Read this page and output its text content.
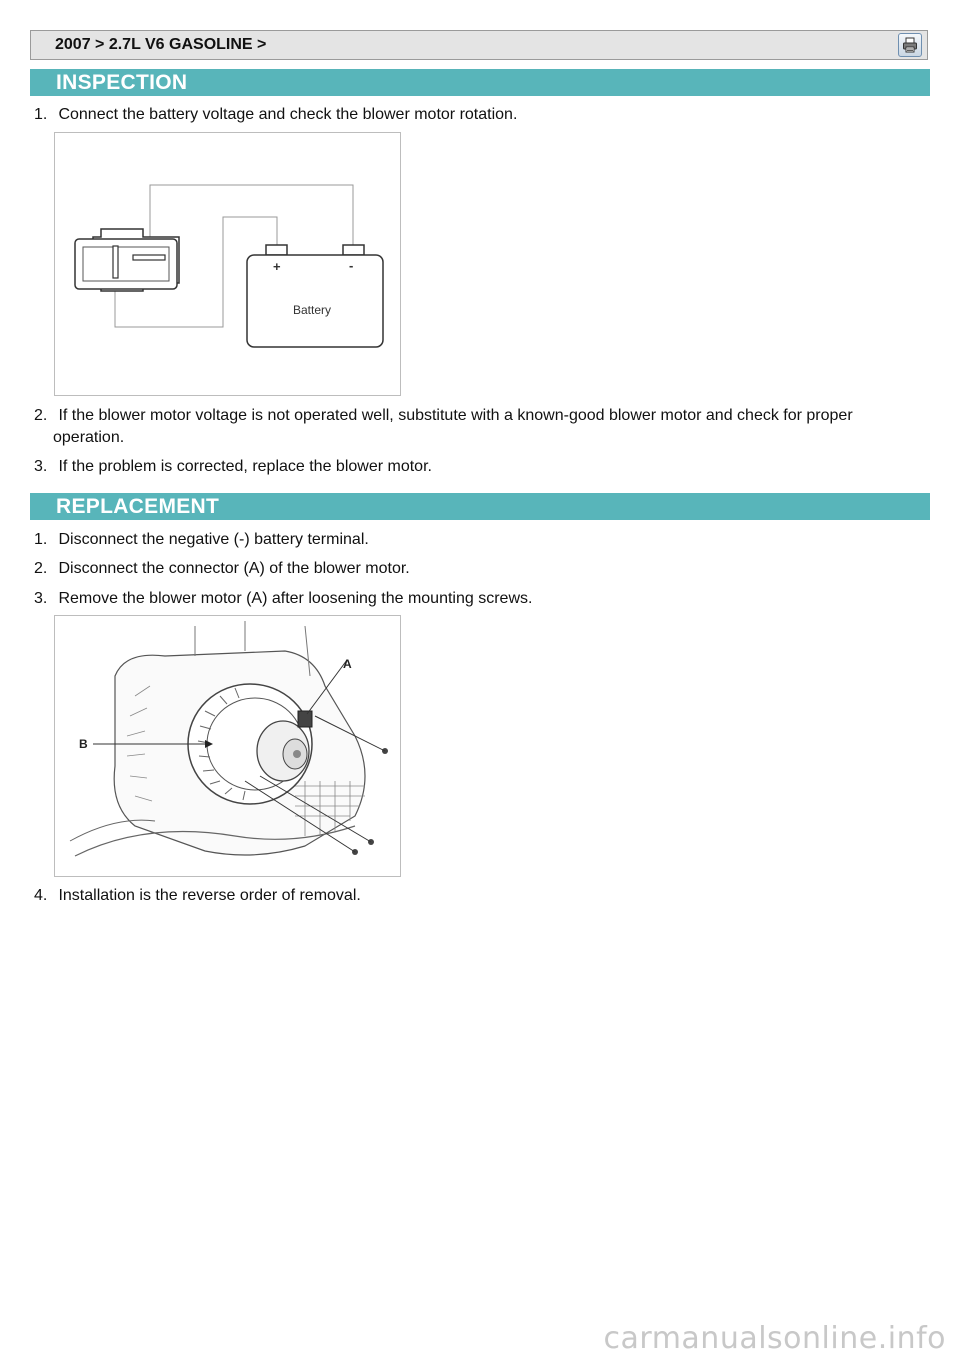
2007 > 2.7L V6 GASOLINE >
INSPECTION
1. Connect the battery voltage and check the blower motor rotation.
+	-
Battery
2. If the blower motor voltage is not operated well, substitute with a known-good blower motor and check for proper
operation.
3. If the problem is corrected, replace the blower motor.
REPLACEMENT
1. Disconnect the negative (-) battery terminal.
2. Disconnect the connector (A) of the blower motor.
3. Remove the blower motor (A) after loosening the mounting screws.
A
B
4. Installation is the reverse order of removal.
carmanualsonline.info
